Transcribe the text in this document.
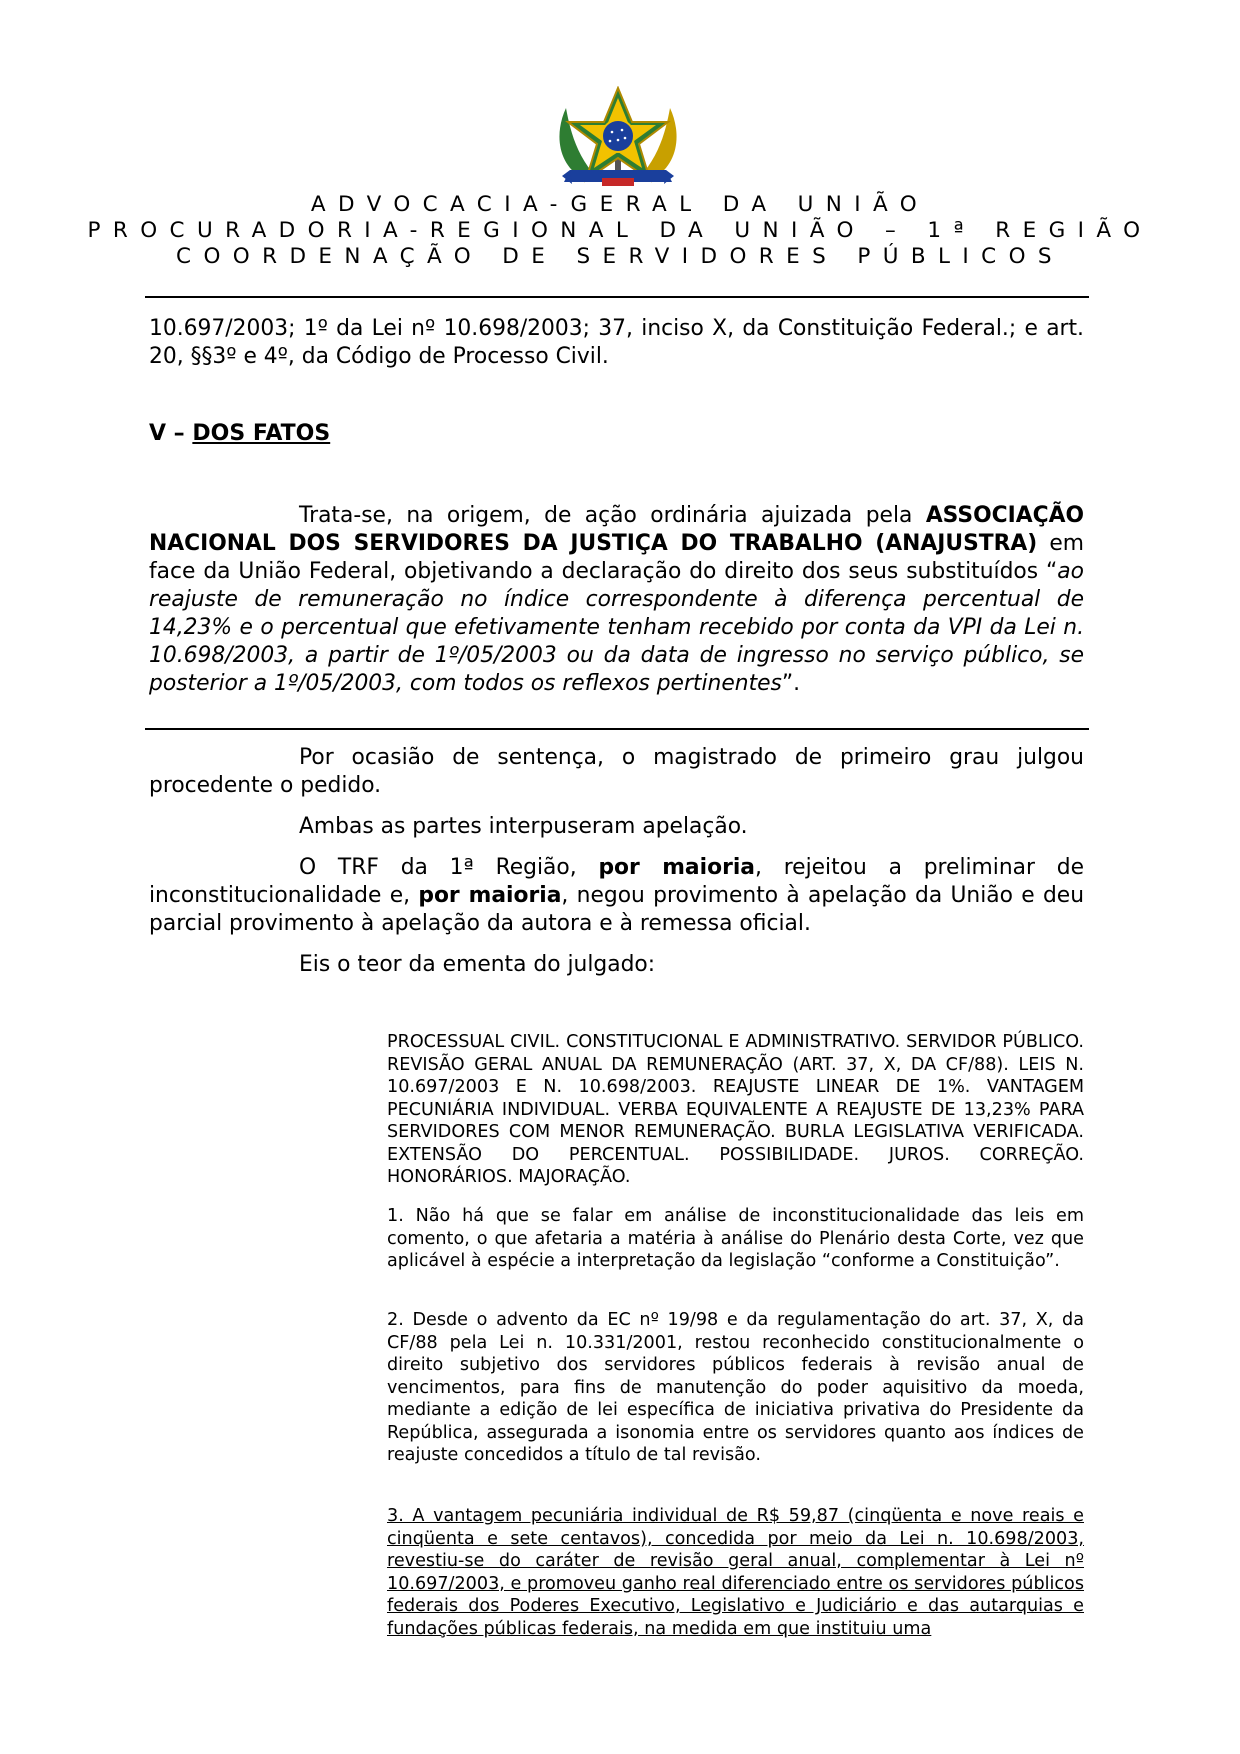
ADVOCACIA-GERAL DA UNIÃO
PROCURADORIA-REGIONAL DA UNIÃO – 1ª REGIÃO
COORDENAÇÃO DE SERVIDORES PÚBLICOS

10.697/2003; 1º da Lei nº 10.698/2003; 37, inciso X, da Constituição Federal.; e art. 20, §§3º e 4º, da Código de Processo Civil.

V – DOS FATOS

Trata-se, na origem, de ação ordinária ajuizada pela ASSOCIAÇÃO NACIONAL DOS SERVIDORES DA JUSTIÇA DO TRABALHO (ANAJUSTRA) em face da União Federal, objetivando a declaração do direito dos seus substituídos “ao reajuste de remuneração no índice correspondente à diferença percentual de 14,23% e o percentual que efetivamente tenham recebido por conta da VPI da Lei n. 10.698/2003, a partir de 1º/05/2003 ou da data de ingresso no serviço público, se posterior a 1º/05/2003, com todos os reflexos pertinentes”.

Por ocasião de sentença, o magistrado de primeiro grau julgou procedente o pedido.

Ambas as partes interpuseram apelação.

O TRF da 1ª Região, por maioria, rejeitou a preliminar de inconstitucionalidade e, por maioria, negou provimento à apelação da União e deu parcial provimento à apelação da autora e à remessa oficial.

Eis o teor da ementa do julgado:

PROCESSUAL CIVIL. CONSTITUCIONAL E ADMINISTRATIVO. SERVIDOR PÚBLICO. REVISÃO GERAL ANUAL DA REMUNERAÇÃO (ART. 37, X, DA CF/88). LEIS N. 10.697/2003 E N. 10.698/2003. REAJUSTE LINEAR DE 1%. VANTAGEM PECUNIÁRIA INDIVIDUAL. VERBA EQUIVALENTE A REAJUSTE DE 13,23% PARA SERVIDORES COM MENOR REMUNERAÇÃO. BURLA LEGISLATIVA VERIFICADA. EXTENSÃO DO PERCENTUAL. POSSIBILIDADE. JUROS. CORREÇÃO. HONORÁRIOS. MAJORAÇÃO.

1. Não há que se falar em análise de inconstitucionalidade das leis em comento, o que afetaria a matéria à análise do Plenário desta Corte, vez que aplicável à espécie a interpretação da legislação “conforme a Constituição”.

2. Desde o advento da EC nº 19/98 e da regulamentação do art. 37, X, da CF/88 pela Lei n. 10.331/2001, restou reconhecido constitucionalmente o direito subjetivo dos servidores públicos federais à revisão anual de vencimentos, para fins de manutenção do poder aquisitivo da moeda, mediante a edição de lei específica de iniciativa privativa do Presidente da República, assegurada a isonomia entre os servidores quanto aos índices de reajuste concedidos a título de tal revisão.

3. A vantagem pecuniária individual de R$ 59,87 (cinqüenta e nove reais e cinqüenta e sete centavos), concedida por meio da Lei n. 10.698/2003, revestiu-se do caráter de revisão geral anual, complementar à Lei nº 10.697/2003, e promoveu ganho real diferenciado entre os servidores públicos federais dos Poderes Executivo, Legislativo e Judiciário e das autarquias e fundações públicas federais, na medida em que instituiu uma
